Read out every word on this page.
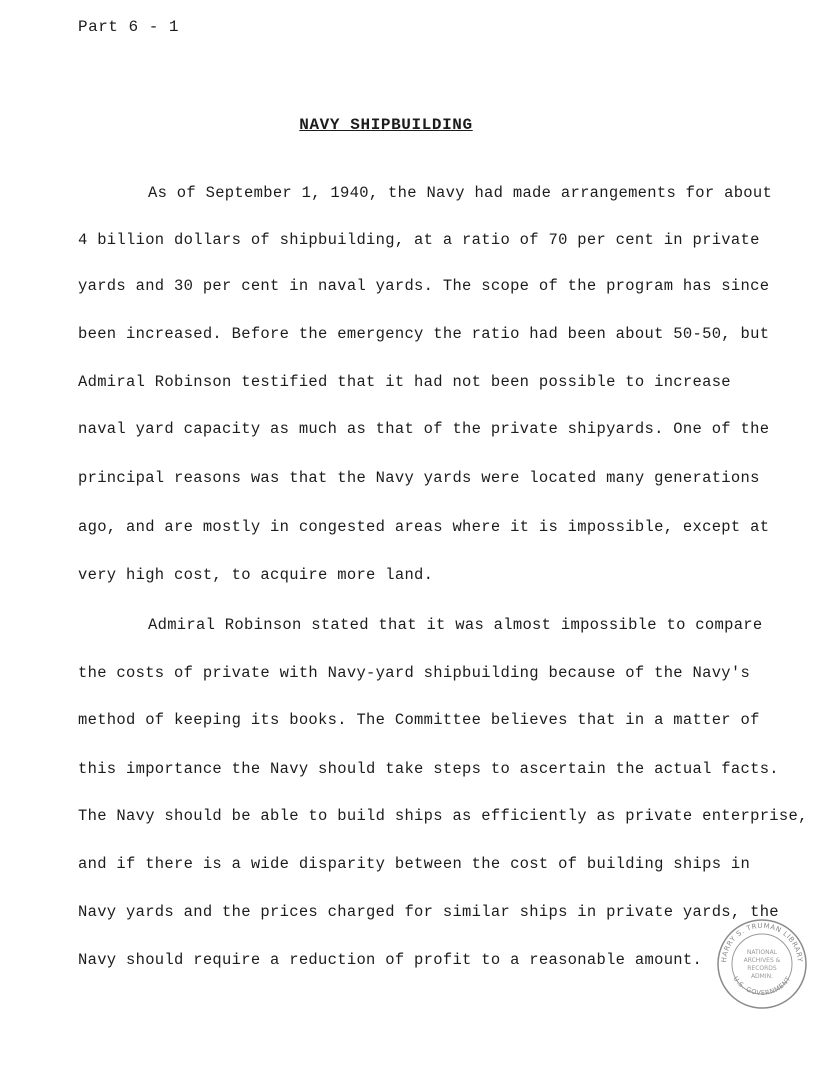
Part 6 - 1
NAVY SHIPBUILDING
As of September 1, 1940, the Navy had made arrangements for about
4 billion dollars of shipbuilding, at a ratio of 70 per cent in private
yards and 30 per cent in naval yards. The scope of the program has since
been increased. Before the emergency the ratio had been about 50-50, but
Admiral Robinson testified that it had not been possible to increase
naval yard capacity as much as that of the private shipyards. One of the
principal reasons was that the Navy yards were located many generations
ago, and are mostly in congested areas where it is impossible, except at
very high cost, to acquire more land.
Admiral Robinson stated that it was almost impossible to compare
the costs of private with Navy-yard shipbuilding because of the Navy's
method of keeping its books. The Committee believes that in a matter of
this importance the Navy should take steps to ascertain the actual facts.
The Navy should be able to build ships as efficiently as private enterprise,
and if there is a wide disparity between the cost of building ships in
Navy yards and the prices charged for similar ships in private yards, the
Navy should require a reduction of profit to a reasonable amount.	HARRY S. TRUMAN LIBRARY
U.S. GOVERNMENT
NATIONAL
ARCHIVES &
RECORDS
ADMIN.
